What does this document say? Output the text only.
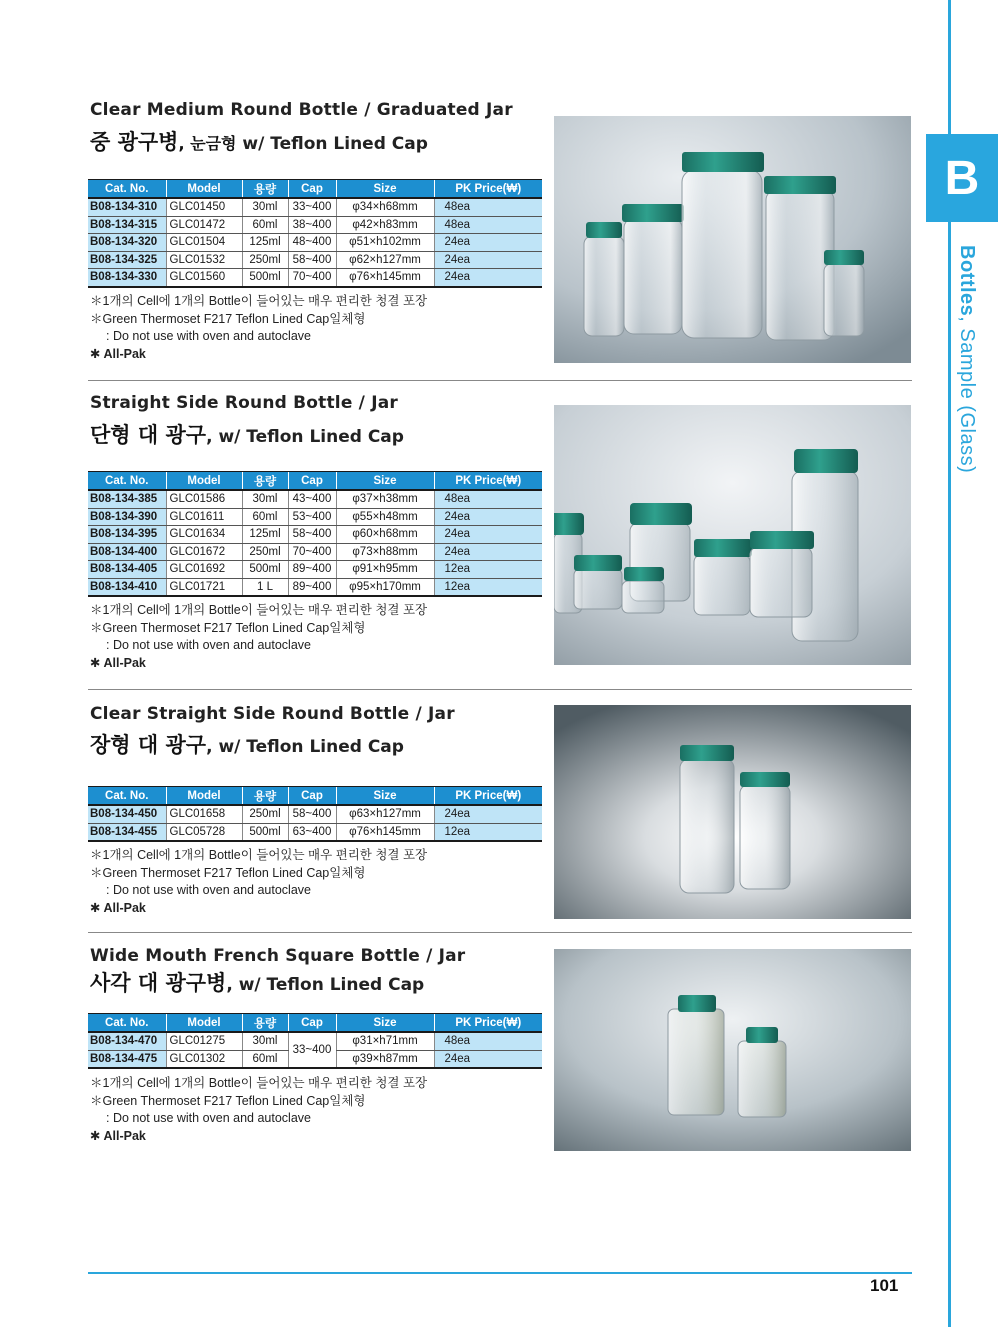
B
Bottles, Sample (Glass)
Clear Medium Round Bottle / Graduated Jar
중 광구병, 눈금형 w/ Teflon Lined Cap
Cat. No.	Model	용량	Cap	Size	PK Price(₩)
B08-134-310	GLC01450	30ml	33~400	φ34×h68mm	48ea
B08-134-315	GLC01472	60ml	38~400	φ42×h83mm	48ea
B08-134-320	GLC01504	125ml	48~400	φ51×h102mm	24ea
B08-134-325	GLC01532	250ml	58~400	φ62×h127mm	24ea
B08-134-330	GLC01560	500ml	70~400	φ76×h145mm	24ea
＊1개의 Cell에 1개의 Bottle이 들어있는 매우 편리한 청결 포장
＊Green Thermoset F217 Teflon Lined Cap일체형
: Do not use with oven and autoclave
✱ All-Pak
Straight Side Round Bottle / Jar
단형 대 광구, w/ Teflon Lined Cap
Cat. No.	Model	용량	Cap	Size	PK Price(₩)
B08-134-385	GLC01586	30ml	43~400	φ37×h38mm	48ea
B08-134-390	GLC01611	60ml	53~400	φ55×h48mm	24ea
B08-134-395	GLC01634	125ml	58~400	φ60×h68mm	24ea
B08-134-400	GLC01672	250ml	70~400	φ73×h88mm	24ea
B08-134-405	GLC01692	500ml	89~400	φ91×h95mm	12ea
B08-134-410	GLC01721	1 L	89~400	φ95×h170mm	12ea
＊1개의 Cell에 1개의 Bottle이 들어있는 매우 편리한 청결 포장
＊Green Thermoset F217 Teflon Lined Cap일체형
: Do not use with oven and autoclave
✱ All-Pak
Clear Straight Side Round Bottle / Jar
장형 대 광구, w/ Teflon Lined Cap
Cat. No.	Model	용량	Cap	Size	PK Price(₩)
B08-134-450	GLC01658	250ml	58~400	φ63×h127mm	24ea
B08-134-455	GLC05728	500ml	63~400	φ76×h145mm	12ea
＊1개의 Cell에 1개의 Bottle이 들어있는 매우 편리한 청결 포장
＊Green Thermoset F217 Teflon Lined Cap일체형
: Do not use with oven and autoclave
✱ All-Pak
Wide Mouth French Square Bottle / Jar
사각 대 광구병, w/ Teflon Lined Cap
Cat. No.	Model	용량	Cap	Size	PK Price(₩)
B08-134-470	GLC01275	30ml	33~400	φ31×h71mm	48ea
B08-134-475	GLC01302	60ml		φ39×h87mm	24ea
＊1개의 Cell에 1개의 Bottle이 들어있는 매우 편리한 청결 포장
＊Green Thermoset F217 Teflon Lined Cap일체형
: Do not use with oven and autoclave
✱ All-Pak
101
